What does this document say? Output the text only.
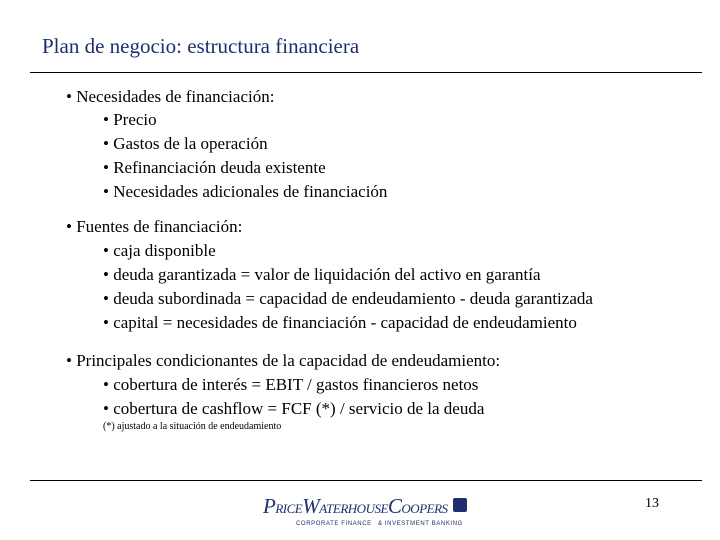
Plan de negocio: estructura financiera
• Necesidades de financiación:
• Precio
• Gastos de la operación
• Refinanciación deuda existente
• Necesidades adicionales de financiación
• Fuentes de financiación:
• caja disponible
• deuda garantizada = valor de liquidación del activo en garantía
• deuda subordinada = capacidad de endeudamiento - deuda garantizada
• capital = necesidades de financiación - capacidad de endeudamiento
• Principales condicionantes de la capacidad de endeudamiento:
• cobertura de interés = EBIT / gastos financieros netos
• cobertura de cashflow = FCF (*) / servicio de la deuda
(*) ajustado a la situación de endeudamiento
PRICEWATERHOUSECOOPERS
CORPORATE FINANCE & INVESTMENT BANKING
13
